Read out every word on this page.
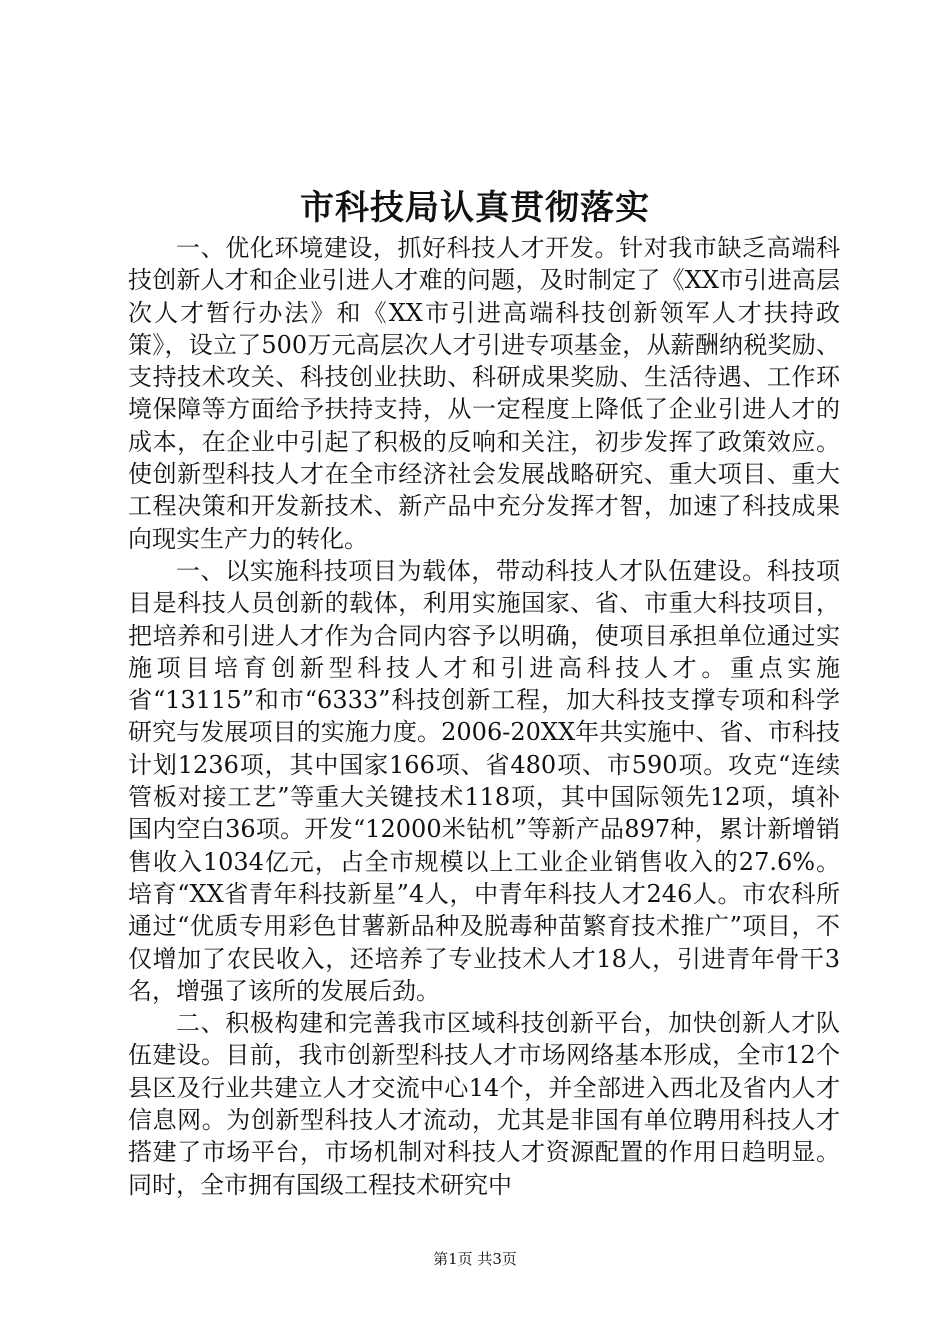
市科技局认真贯彻落实

一、优化环境建设，抓好科技人才开发。针对我市缺乏高端科技创新人才和企业引进人才难的问题，及时制定了《XX市引进高层次人才暂行办法》和《XX市引进高端科技创新领军人才扶持政策》，设立了500万元高层次人才引进专项基金，从薪酬纳税奖励、支持技术攻关、科技创业扶助、科研成果奖励、生活待遇、工作环境保障等方面给予扶持支持，从一定程度上降低了企业引进人才的成本，在企业中引起了积极的反响和关注，初步发挥了政策效应。使创新型科技人才在全市经济社会发展战略研究、重大项目、重大工程决策和开发新技术、新产品中充分发挥才智，加速了科技成果向现实生产力的转化。

一、以实施科技项目为载体，带动科技人才队伍建设。科技项目是科技人员创新的载体，利用实施国家、省、市重大科技项目，把培养和引进人才作为合同内容予以明确，使项目承担单位通过实施项目培育创新型科技人才和引进高科技人才。重点实施省“13115”和市“6333”科技创新工程，加大科技支撑专项和科学研究与发展项目的实施力度。2006-20XX年共实施中、省、市科技计划1236项，其中国家166项、省480项、市590项。攻克“连续管板对接工艺”等重大关键技术118项，其中国际领先12项，填补国内空白36项。开发“12000米钻机”等新产品897种，累计新增销售收入1034亿元，占全市规模以上工业企业销售收入的27.6%。培育“XX省青年科技新星”4人，中青年科技人才246人。市农科所通过“优质专用彩色甘薯新品种及脱毒种苗繁育技术推广”项目，不仅增加了农民收入，还培养了专业技术人才18人，引进青年骨干3名，增强了该所的发展后劲。

二、积极构建和完善我市区域科技创新平台，加快创新人才队伍建设。目前，我市创新型科技人才市场网络基本形成，全市12个县区及行业共建立人才交流中心14个，并全部进入西北及省内人才信息网。为创新型科技人才流动，尤其是非国有单位聘用科技人才搭建了市场平台，市场机制对科技人才资源配置的作用日趋明显。同时，全市拥有国级工程技术研究中

第1页 共3页
